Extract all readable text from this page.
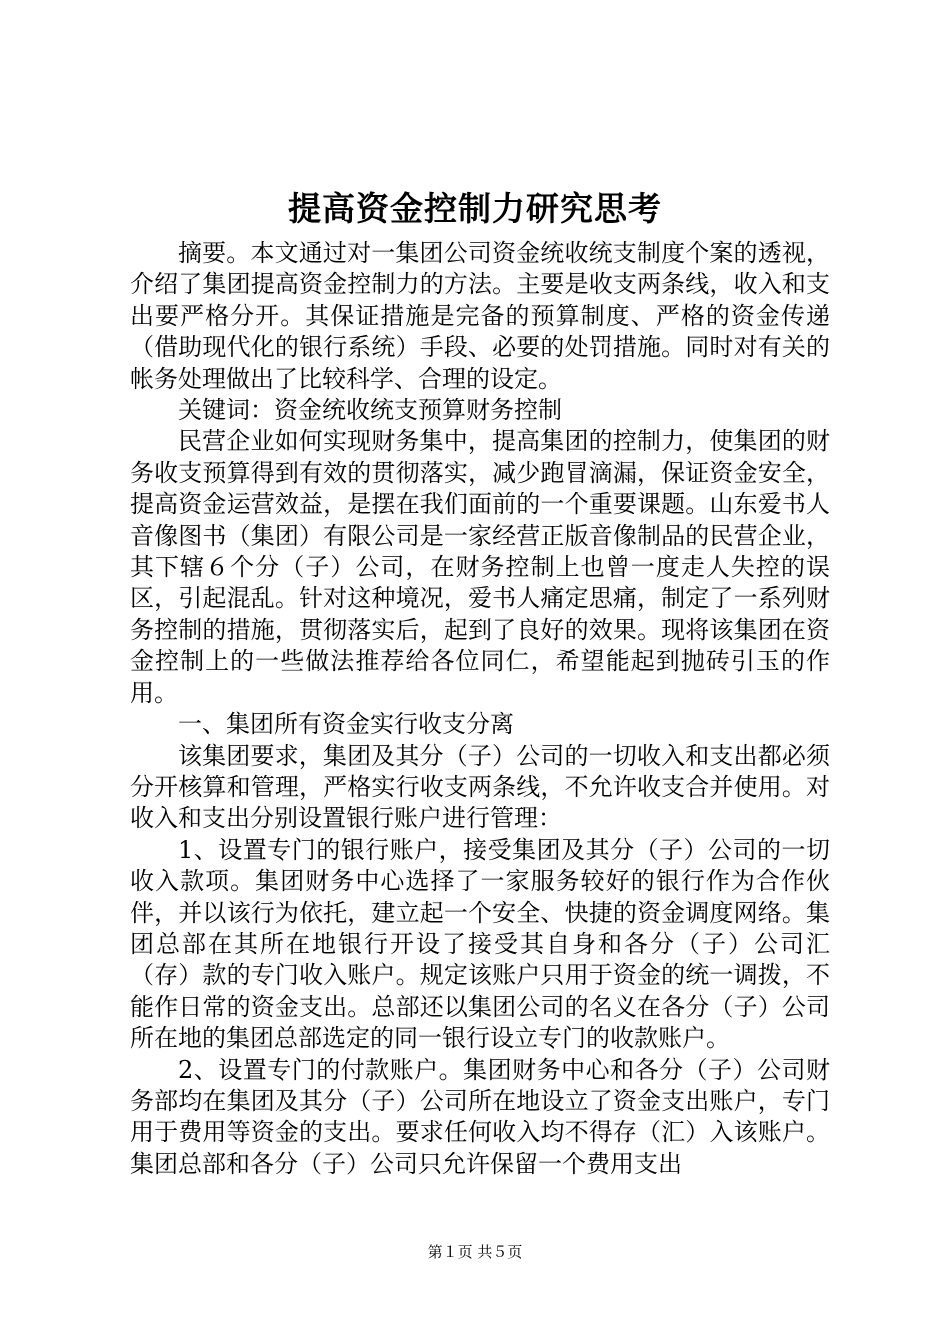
提高资金控制力研究思考

摘要。本文通过对一集团公司资金统收统支制度个案的透视，介绍了集团提高资金控制力的方法。主要是收支两条线，收入和支出要严格分开。其保证措施是完备的预算制度、严格的资金传递（借助现代化的银行系统）手段、必要的处罚措施。同时对有关的帐务处理做出了比较科学、合理的设定。

关键词：资金统收统支预算财务控制

民营企业如何实现财务集中，提高集团的控制力，使集团的财务收支预算得到有效的贯彻落实，减少跑冒滴漏，保证资金安全，提高资金运营效益，是摆在我们面前的一个重要课题。山东爱书人音像图书（集团）有限公司是一家经营正版音像制品的民营企业，其下辖６个分（子）公司，在财务控制上也曾一度走人失控的误区，引起混乱。针对这种境况，爱书人痛定思痛，制定了一系列财务控制的措施，贯彻落实后，起到了良好的效果。现将该集团在资金控制上的一些做法推荐给各位同仁，希望能起到抛砖引玉的作用。

一、集团所有资金实行收支分离

该集团要求，集团及其分（子）公司的一切收入和支出都必须分开核算和管理，严格实行收支两条线，不允许收支合并使用。对收入和支出分别设置银行账户进行管理：

1、设置专门的银行账户，接受集团及其分（子）公司的一切收入款项。集团财务中心选择了一家服务较好的银行作为合作伙伴，并以该行为依托，建立起一个安全、快捷的资金调度网络。集团总部在其所在地银行开设了接受其自身和各分（子）公司汇（存）款的专门收入账户。规定该账户只用于资金的统一调拨，不能作日常的资金支出。总部还以集团公司的名义在各分（子）公司所在地的集团总部选定的同一银行设立专门的收款账户。

2、设置专门的付款账户。集团财务中心和各分（子）公司财务部均在集团及其分（子）公司所在地设立了资金支出账户，专门用于费用等资金的支出。要求任何收入均不得存（汇）入该账户。集团总部和各分（子）公司只允许保留一个费用支出

第１页 共５页
